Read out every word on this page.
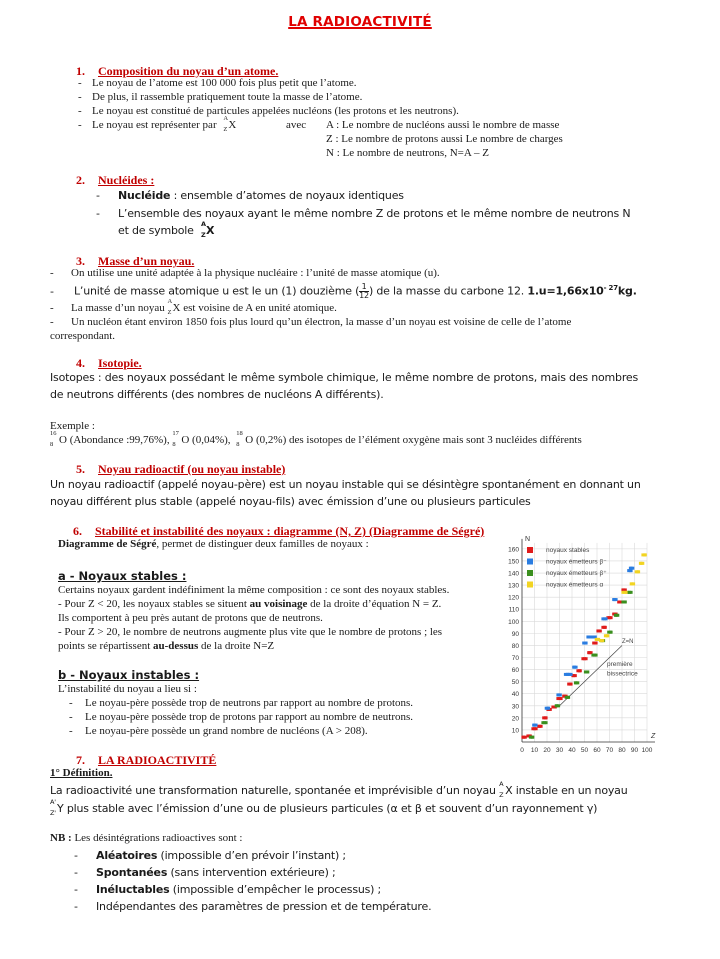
LA RADIOACTIVITÉ
1. Composition du noyau d’un atome.
- Le noyau de l’atome est 100 000 fois plus petit que l’atome.
- De plus, il rassemble pratiquement toute la masse de l’atome.
- Le noyau est constitué de particules appelées nucléons (les protons et les neutrons).
- Le noyau est représenter par
A
Z X	avec A : Le nombre de nucléons aussi le nombre de masse
Z : Le nombre de protons aussi Le nombre de charges
N : Le nombre de neutrons, N=A – Z
2. Nucléides :
- Nucléide : ensemble d’atomes de noyaux identiques
- L’ensemble des noyaux ayant le même nombre Z de protons et le même nombre de neutrons N
et de symbole A
Z X
3. Masse d’un noyau.
- On utilise une unité adaptée à la physique nucléaire : l’unité de masse atomique (u).
- L’unité de masse atomique u est le un (1) douzième ( $\frac{1}{12}$ ) de la masse du carbone 12. $1.u=1,66x10^{- 27}kg$.
- La masse d’un noyau
A
Z X est voisine de A en unité atomique.
- Un nucléon étant environ 1850 fois plus lourd qu’un électron, la masse d’un noyau est voisine de celle de l’atome
correspondant.
4. Isotopie.
Isotopes : des noyaux possédant le même symbole chimique, le même nombre de protons, mais des nombres
de neutrons différents (des nombres de nucléons A différents).
Exemple :
16
8 O (Abondance :99,76%),
17
8 O (0,04%),
18
8 O (0,2%) des isotopes de l’élément oxygène mais sont 3 nucléides différents
5. Noyau radioactif (ou noyau instable)
Un noyau radioactif (appelé noyau-père) est un noyau instable qui se désintègre spontanément en donnant un
noyau différent plus stable (appelé noyau-fils) avec émission d’une ou plusieurs particules
6. Stabilité et instabilité des noyaux : diagramme (N, Z) (Diagramme de Ségré)
Diagramme de Ségré, permet de distinguer deux familles de noyaux :
a - Noyaux stables :
Certains noyaux gardent indéfiniment la même composition : ce sont des noyaux stables.
- Pour Z < 20, les noyaux stables se situent au voisinage de la droite d’équation N = Z.
Ils comportent à peu près autant de protons que de neutrons.
- Pour Z > 20, le nombre de neutrons augmente plus vite que le nombre de protons ; les
points se répartissent au-dessus de la droite N=Z
b - Noyaux instables :
L’instabilité du noyau a lieu si :
- Le noyau-père possède trop de neutrons par rapport au nombre de protons.
- Le noyau-père possède trop de protons par rapport au nombre de neutrons.
- Le noyau-père possède un grand nombre de nucléons (A > 208).
N
Z
10
20
30
40
50
60
70
80
90
100
110
120
130
140
150
160
0 10 20 30 40 50 60 70 80 90 100
Z=N
première
bissectrice
noyaux stables
noyaux émetteurs β⁻
noyaux émetteurs β⁺
noyaux émetteurs α
7. LA RADIOACTIVITÉ
1° Définition.
La radioactivité une transformation naturelle, spontanée et imprévisible d’un noyau A
Z X instable en un noyau
A'
Z' Y plus stable avec l’émission d’une ou de plusieurs particules (α et β et souvent d’un rayonnement γ)
NB : Les désintégrations radioactives sont :
- Aléatoires (impossible d’en prévoir l’instant) ;
- Spontanées (sans intervention extérieure) ;
- Inéluctables (impossible d’empêcher le processus) ;
- Indépendantes des paramètres de pression et de température.
